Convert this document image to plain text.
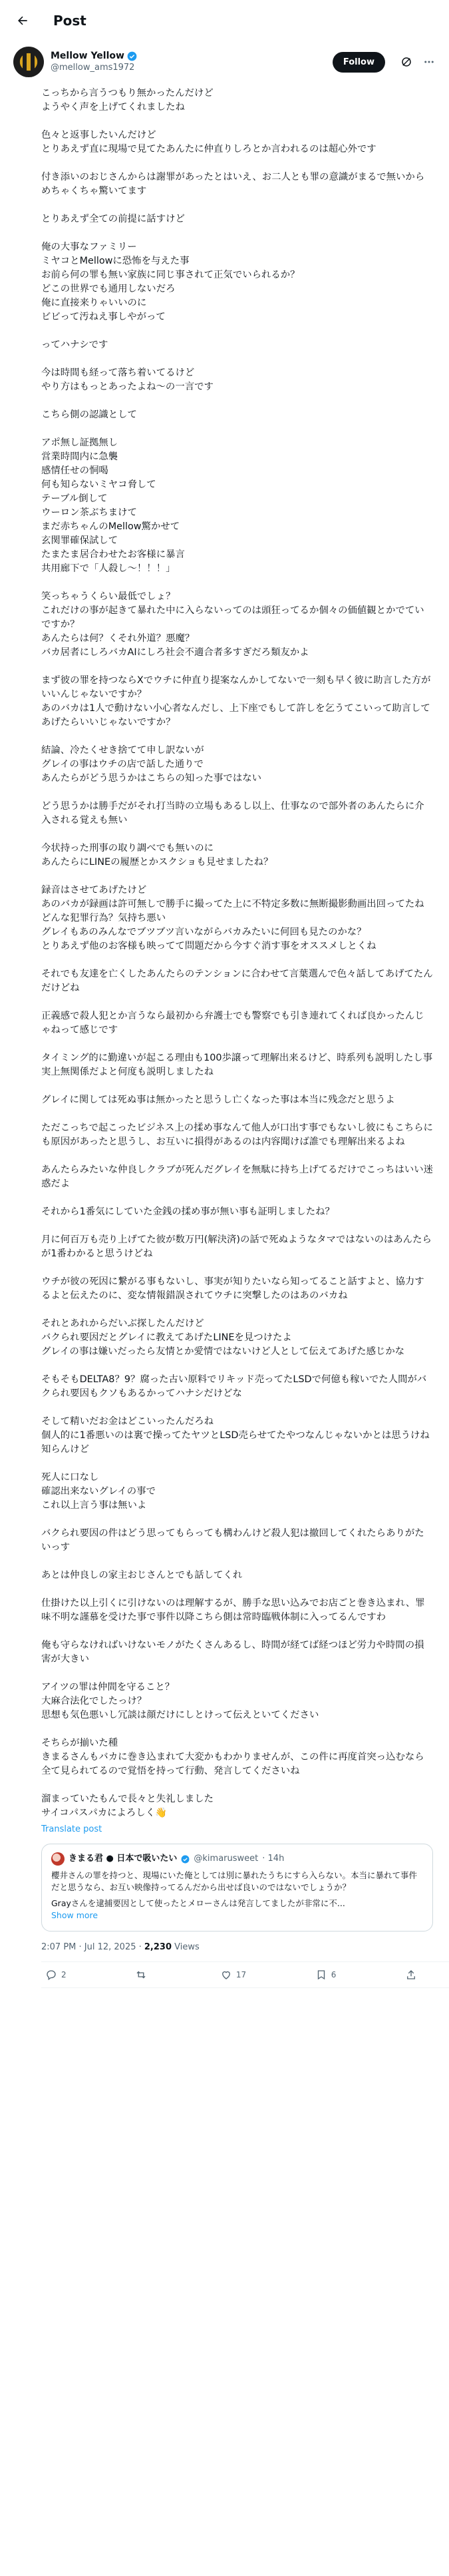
Post
Mellow Yellow
@mellow_ams1972
Follow
こっちから言うつもり無かったんだけど
ようやく声を上げてくれましたね

色々と返事したいんだけど
とりあえず直に現場で見てたあんたに仲直りしろとか言われるのは超心外です

付き添いのおじさんからは謝罪があったとはいえ、お二人とも罪の意識がまるで無いからめちゃくちゃ驚いてます

とりあえず全ての前提に話すけど

俺の大事なファミリー
ミヤコとMellowに恐怖を与えた事
お前ら何の罪も無い家族に同じ事されて正気でいられるか？
どこの世界でも通用しないだろ
俺に直接来りゃいいのに
ビビって汚ねえ事しやがって

ってハナシです

今は時間も経って落ち着いてるけど
やり方はもっとあったよね〜の一言です

こちら側の認識として

アポ無し証拠無し
営業時間内に急襲
感情任せの恫喝
何も知らないミヤコ脅して
テーブル倒して
ウーロン茶ぶちまけて
まだ赤ちゃんのMellow驚かせて
玄関罪確保試して
たまたま居合わせたお客様に暴言
共用廊下で「人殺し〜！！！」

笑っちゃうくらい最低でしょ？
これだけの事が起きて暴れた中に入らないってのは頭狂ってるか個々の価値観とかでていですか？
あんたらは何？くそれ外道？悪魔？
バカ居者にしろバカAIにしろ社会不適合者多すぎだろ類友かよ

まず彼の罪を持つならXでウチに仲直り提案なんかしてないで一刻も早く彼に助言した方がいいんじゃないですか？
あのバカは1人で動けない小心者なんだし、上下座でもして許しを乞うてこいって助言してあげたらいいじゃないですか？

結論、冷たくせき捨てて申し訳ないが
グレイの事はウチの店で話した通りで
あんたらがどう思うかはこちらの知った事ではない

どう思うかは勝手だがそれ打当時の立場もあるし以上、仕事なので部外者のあんたらに介入される覚えも無い

今状持った刑事の取り調べでも無いのに
あんたらにLINEの履歴とかスクショも見せましたね？

録音はさせてあげたけど
あのバカが録画は許可無しで勝手に撮ってた上に不特定多数に無断撮影動画出回ってたね
どんな犯罪行為？気持ち悪い
グレイもあのみんなでブツブツ言いながらバカみたいに何回も見たのかな？
とりあえず他のお客様も映ってて問題だから今すぐ消す事をオススメしとくね

それでも友達を亡くしたあんたらのテンションに合わせて言葉選んで色々話してあげてたんだけどね

正義感で殺人犯とか言うなら最初から弁護士でも警察でも引き連れてくれば良かったんじゃねって感じです

タイミング的に勤違いが起こる理由も100歩譲って理解出来るけど、時系列も説明したし事実上無関係だよと何度も説明しましたね

グレイに関しては死ぬ事は無かったと思うし亡くなった事は本当に残念だと思うよ

ただこっちで起こったビジネス上の揉め事なんて他人が口出す事でもないし彼にもこちらにも原因があったと思うし、お互いに損得があるのは内容聞けば誰でも理解出来るよね

あんたらみたいな仲良しクラブが死んだグレイを無駄に持ち上げてるだけでこっちはいい迷惑だよ

それから1番気にしていた金銭の揉め事が無い事も証明しましたね？

月に何百万も売り上げてた彼が数万円(解決済)の話で死ぬようなタマではないのはあんたらが1番わかると思うけどね

ウチが彼の死因に繋がる事もないし、事実が知りたいなら知ってること話すよと、協力するよと伝えたのに、変な情報錯誤されてウチに突撃したのはあのバカね

それとあれからだいぶ探したんだけど
バクられ要因だとグレイに教えてあげたLINEを見つけたよ
グレイの事は嫌いだったら友情とか愛情ではないけど人として伝えてあげた感じかな

そもそもDELTA8？9？腐った古い原料でリキッド売ってたLSDで何億も稼いでた人間がバクられ要因もクソもあるかってハナシだけどな

そして精いだお金はどこいったんだろね
個人的に1番悪いのは裏で操ってたヤツとLSD売らせてたやつなんじゃないかとは思うけね
知らんけど

死人に口なし
確認出来ないグレイの事で
これ以上言う事は無いよ

バクられ要因の件はどう思ってもらっても構わんけど殺人犯は撤回してくれたらありがたいっす

あとは仲良しの家主おじさんとでも話してくれ

仕掛けた以上引くに引けないのは理解するが、勝手な思い込みでお店ごと巻き込まれ、罪味不明な謹慕を受けた事で事件以降こちら側は常時臨戦体制に入ってるんですわ

俺も守らなければいけないモノがたくさんあるし、時間が経てば経つほど労力や時間の損害が大きい

アイツの罪は仲間を守ること？
大麻合法化でしたっけ？
思想も気色悪いし冗談は顔だけにしとけって伝えといてください

そちらが揃いた種
きまるさんもバカに巻き込まれて大変かもわかりませんが、この件に再度首突っ込むなら全て見られてるので覚悟を持って行動、発言してくださいね

溜まっていたもんで長々と失礼しました
サイコパスパカによろしく👋
Translate post
きまる君 ● 日本で吸いたい @kimarusweet · 14h
櫻井さんの罪を持つと、現場にいた俺としては別に暴れたうちにすら入らない。本当に暴れて事件だと思うなら、お互い映像持ってるんだから出せば良いのではないでしょうか？
Grayさんを逮捕要因として使ったとメローさんは発言してましたが非常に不...
Show more
2:07 PM · Jul 12, 2025 · 2,230 Views
2	17	6
